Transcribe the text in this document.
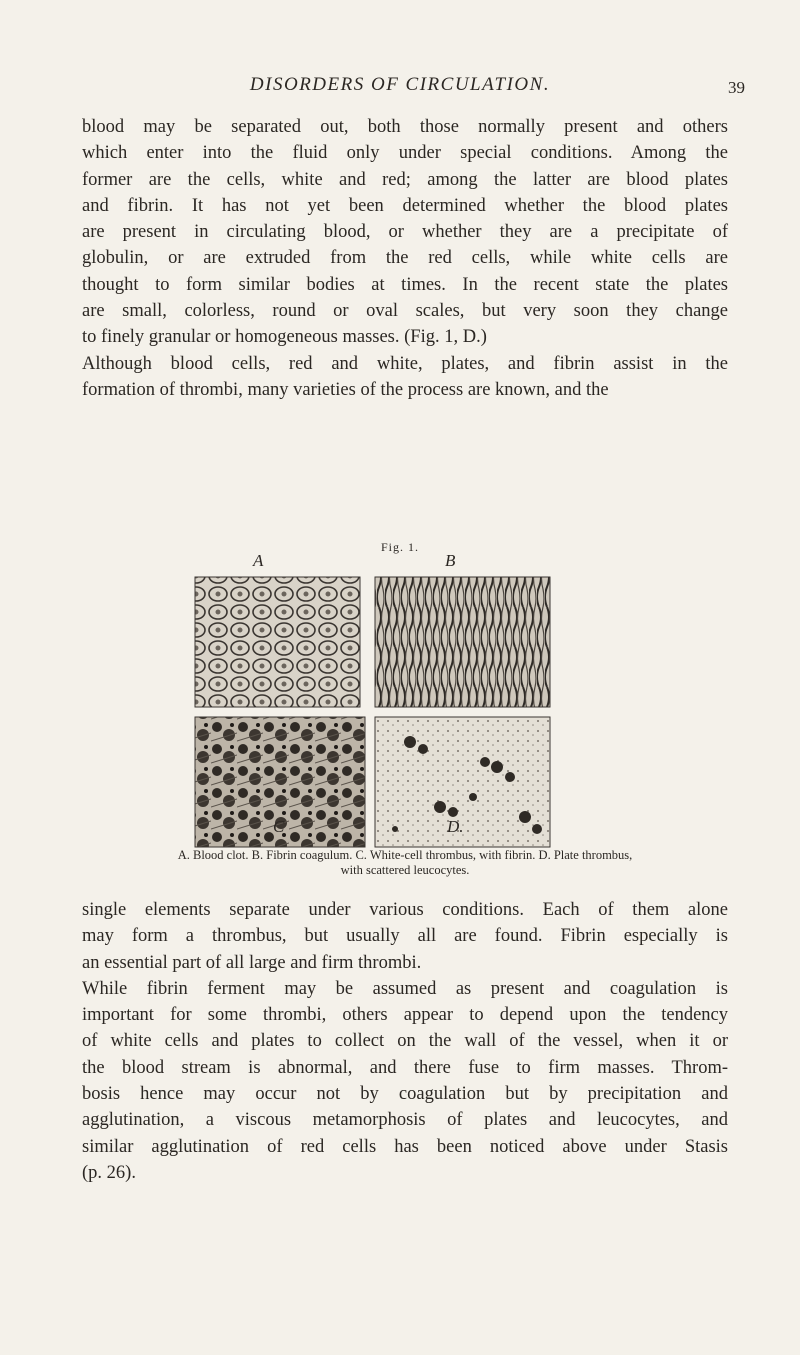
DISORDERS OF CIRCULATION.	39
blood may be separated out, both those normally present and others
which enter into the fluid only under special conditions. Among the
former are the cells, white and red; among the latter are blood plates
and fibrin. It has not yet been determined whether the blood plates
are present in circulating blood, or whether they are a precipitate of
globulin, or are extruded from the red cells, while white cells are
thought to form similar bodies at times. In the recent state the plates
are small, colorless, round or oval scales, but very soon they change
to finely granular or homogeneous masses. (Fig. 1, D.)
Although blood cells, red and white, plates, and fibrin assist in the
formation of thrombi, many varieties of the process are known, and the
Fig. 1.
A	B
C	D.
A. Blood clot. B. Fibrin coagulum. C. White-cell thrombus, with fibrin. D. Plate thrombus,
with scattered leucocytes.
single elements separate under various conditions. Each of them alone
may form a thrombus, but usually all are found. Fibrin especially is
an essential part of all large and firm thrombi.
While fibrin ferment may be assumed as present and coagulation is
important for some thrombi, others appear to depend upon the tendency
of white cells and plates to collect on the wall of the vessel, when it or
the blood stream is abnormal, and there fuse to firm masses. Throm-
bosis hence may occur not by coagulation but by precipitation and
agglutination, a viscous metamorphosis of plates and leucocytes, and
similar agglutination of red cells has been noticed above under Stasis
(p. 26).
